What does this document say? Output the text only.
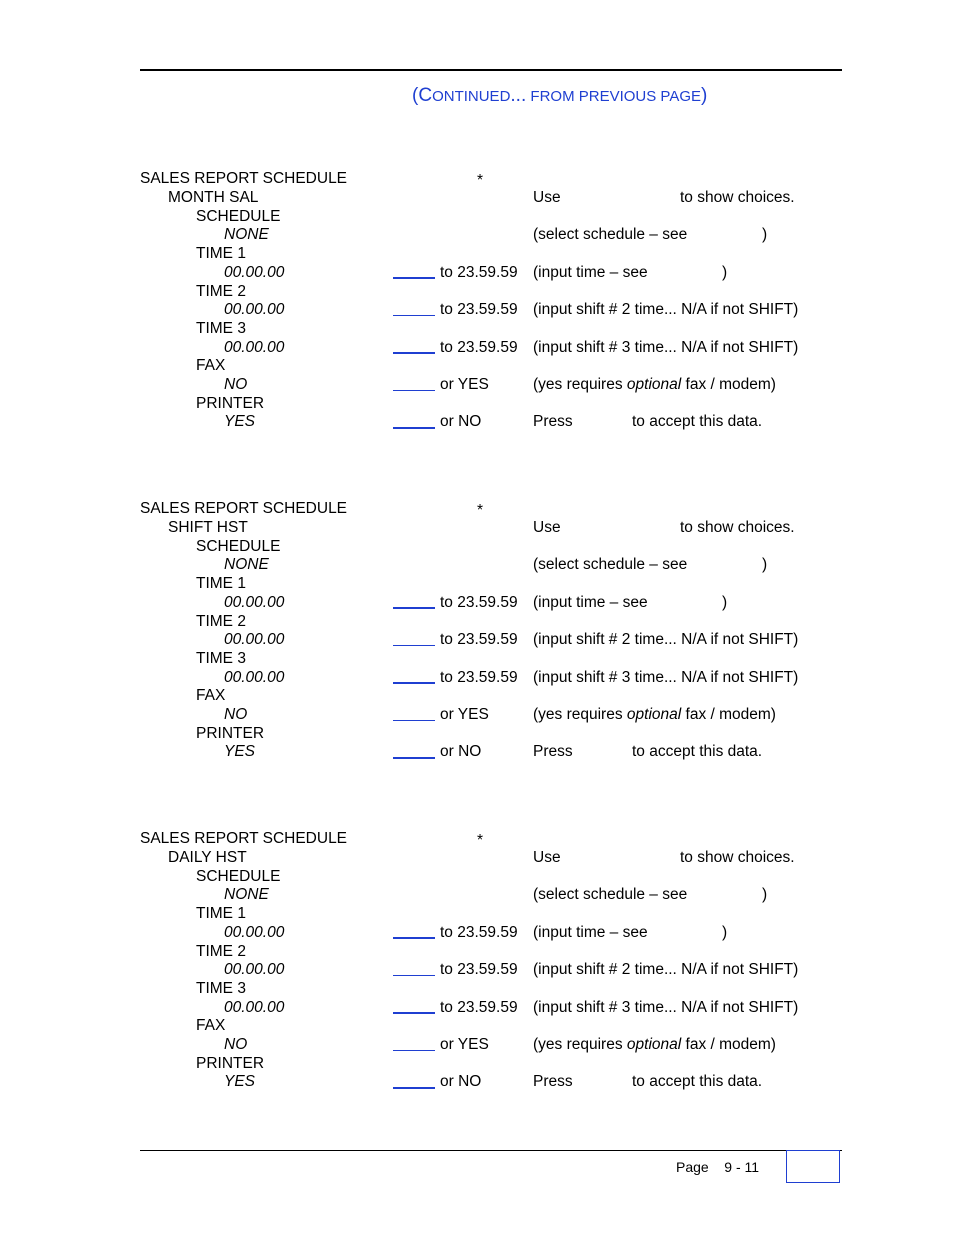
(CONTINUED... FROM PREVIOUS PAGE)
SALES REPORT SCHEDULE	*
MONTH SAL	Use	to show choices.
SCHEDULE
NONE	(select schedule – see	)
TIME 1
00.00.00	to 23.59.59 (input time – see	)
TIME 2
00.00.00	to 23.59.59 (input shift # 2 time... N/A if not SHIFT)
TIME 3
00.00.00	to 23.59.59 (input shift # 3 time... N/A if not SHIFT)
FAX
NO	or YES	(yes requires optional fax / modem)
PRINTER
YES	or NO	Press	to accept this data.
SALES REPORT SCHEDULE	*
SHIFT HST	Use	to show choices.
SCHEDULE
NONE	(select schedule – see	)
TIME 1
00.00.00	to 23.59.59 (input time – see	)
TIME 2
00.00.00	to 23.59.59 (input shift # 2 time... N/A if not SHIFT)
TIME 3
00.00.00	to 23.59.59 (input shift # 3 time... N/A if not SHIFT)
FAX
NO	or YES	(yes requires optional fax / modem)
PRINTER
YES	or NO	Press	to accept this data.
SALES REPORT SCHEDULE	*
DAILY HST	Use	to show choices.
SCHEDULE
NONE	(select schedule – see	)
TIME 1
00.00.00	to 23.59.59 (input time – see	)
TIME 2
00.00.00	to 23.59.59 (input shift # 2 time... N/A if not SHIFT)
TIME 3
00.00.00	to 23.59.59 (input shift # 3 time... N/A if not SHIFT)
FAX
NO	or YES	(yes requires optional fax / modem)
PRINTER
YES	or NO	Press	to accept this data.
Page 9 - 11
